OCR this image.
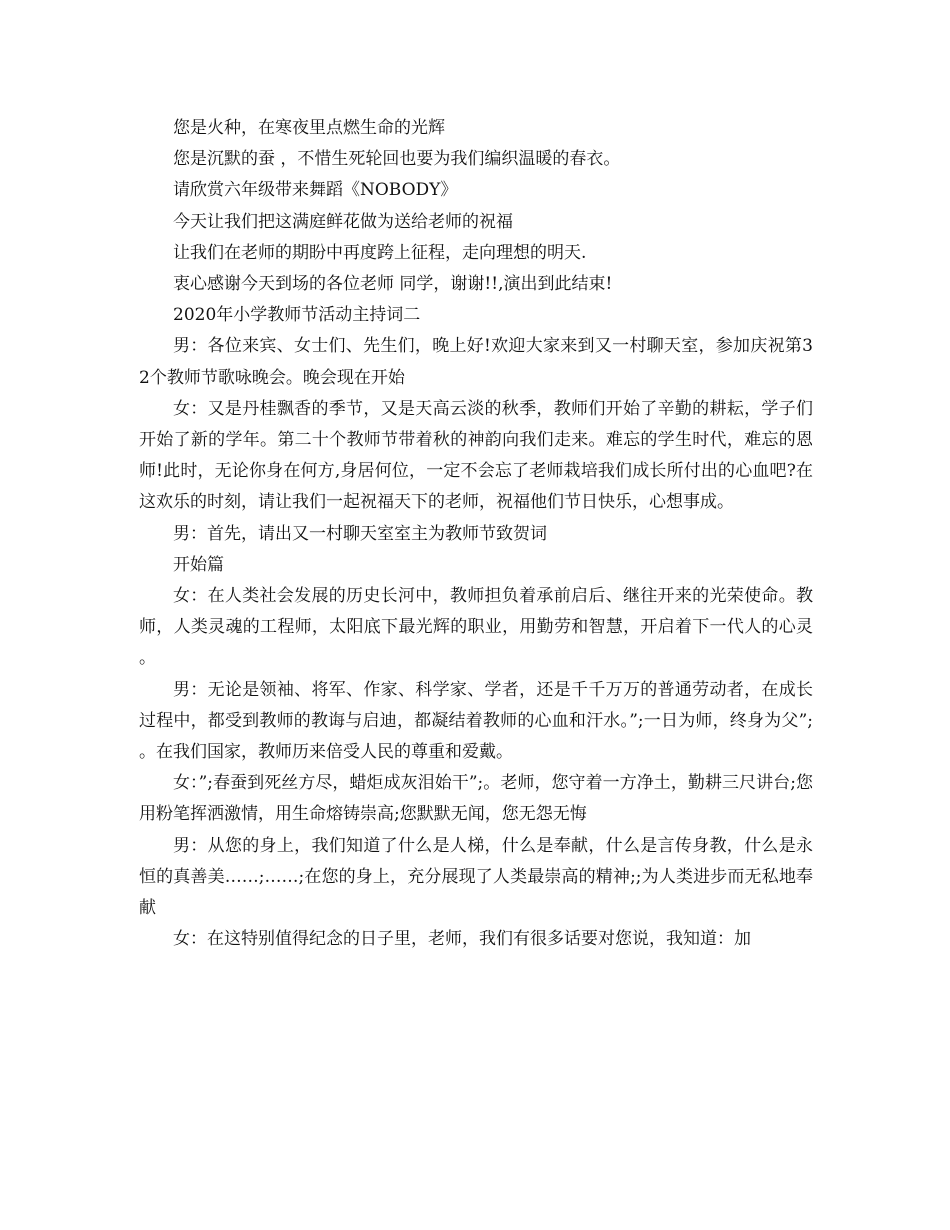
您是火种，在寒夜里点燃生命的光辉

您是沉默的蚕 ，不惜生死轮回也要为我们编织温暖的春衣。

请欣赏六年级带来舞蹈《NOBODY》

今天让我们把这满庭鲜花做为送给老师的祝福

让我们在老师的期盼中再度跨上征程，走向理想的明天.

衷心感谢今天到场的各位老师 同学，谢谢!!,演出到此结束!

2020年小学教师节活动主持词二

男：各位来宾、女士们、先生们，晚上好!欢迎大家来到又一村聊天室，参加庆祝第32个教师节歌咏晚会。晚会现在开始

女：又是丹桂飘香的季节，又是天高云淡的秋季，教师们开始了辛勤的耕耘，学子们开始了新的学年。第二十个教师节带着秋的神韵向我们走来。难忘的学生时代，难忘的恩师!此时，无论你身在何方,身居何位，一定不会忘了老师栽培我们成长所付出的心血吧?在这欢乐的时刻，请让我们一起祝福天下的老师，祝福他们节日快乐，心想事成。

男：首先，请出又一村聊天室室主为教师节致贺词

开始篇

女：在人类社会发展的历史长河中，教师担负着承前启后、继往开来的光荣使命。教师，人类灵魂的工程师，太阳底下最光辉的职业，用勤劳和智慧，开启着下一代人的心灵。

男：无论是领袖、将军、作家、科学家、学者，还是千千万万的普通劳动者，在成长过程中，都受到教师的教诲与启迪，都凝结着教师的心血和汗水。”;一日为师，终身为父”;。在我们国家，教师历来倍受人民的尊重和爱戴。

女：”;春蚕到死丝方尽，蜡炬成灰泪始干”;。老师，您守着一方净土，勤耕三尺讲台;您用粉笔挥洒激情，用生命熔铸崇高;您默默无闻，您无怨无悔

男：从您的身上，我们知道了什么是人梯，什么是奉献，什么是言传身教，什么是永恒的真善美……;……;在您的身上，充分展现了人类最崇高的精神;;为人类进步而无私地奉献

女：在这特别值得纪念的日子里，老师，我们有很多话要对您说，我知道：加
